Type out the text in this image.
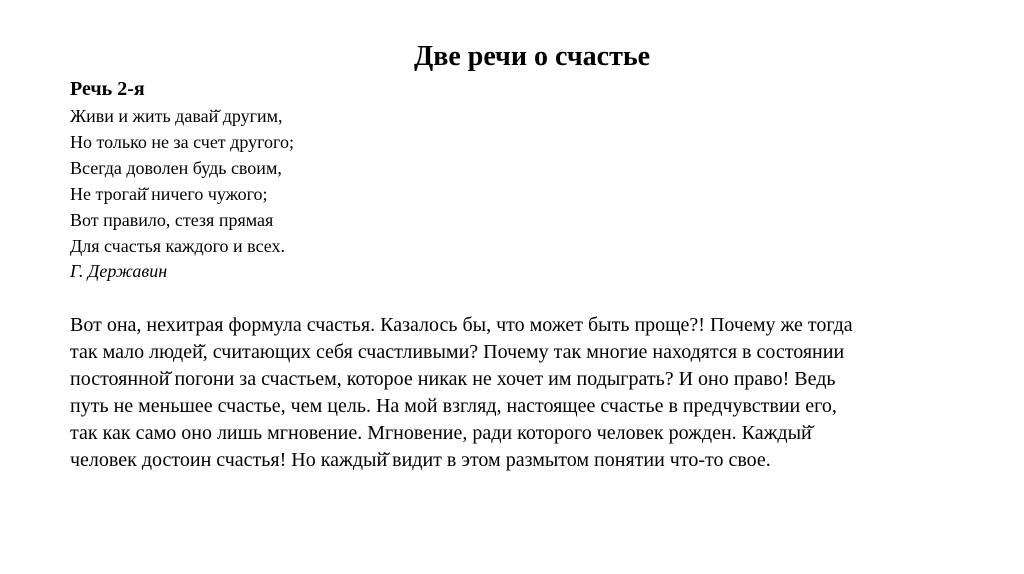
Две речи о счастье
Речь 2-я
Живи и жить давай̆ другим,
Но только не за счет другого;
Всегда доволен будь своим,
Не трогай̆ ничего чужого;
Вот правило, стезя прямая
Для счастья каждого и всех.
Г. Державин
Вот она, нехитрая формула счастья. Казалось бы, что может быть проще?! Почему же тогда
так мало людей̆, считающих себя счастливыми? Почему так многие находятся в состоянии
постоянной̆ погони за счастьем, которое никак не хочет им подыграть? И оно право! Ведь
путь не меньшее счастье, чем цель. На мой взгляд, настоящее счастье в предчувствии его,
так как само оно лишь мгновение. Мгновение, ради которого человек рожден. Каждый̆
человек достоин счастья! Но каждый̆ видит в этом размытом понятии что-то свое.
